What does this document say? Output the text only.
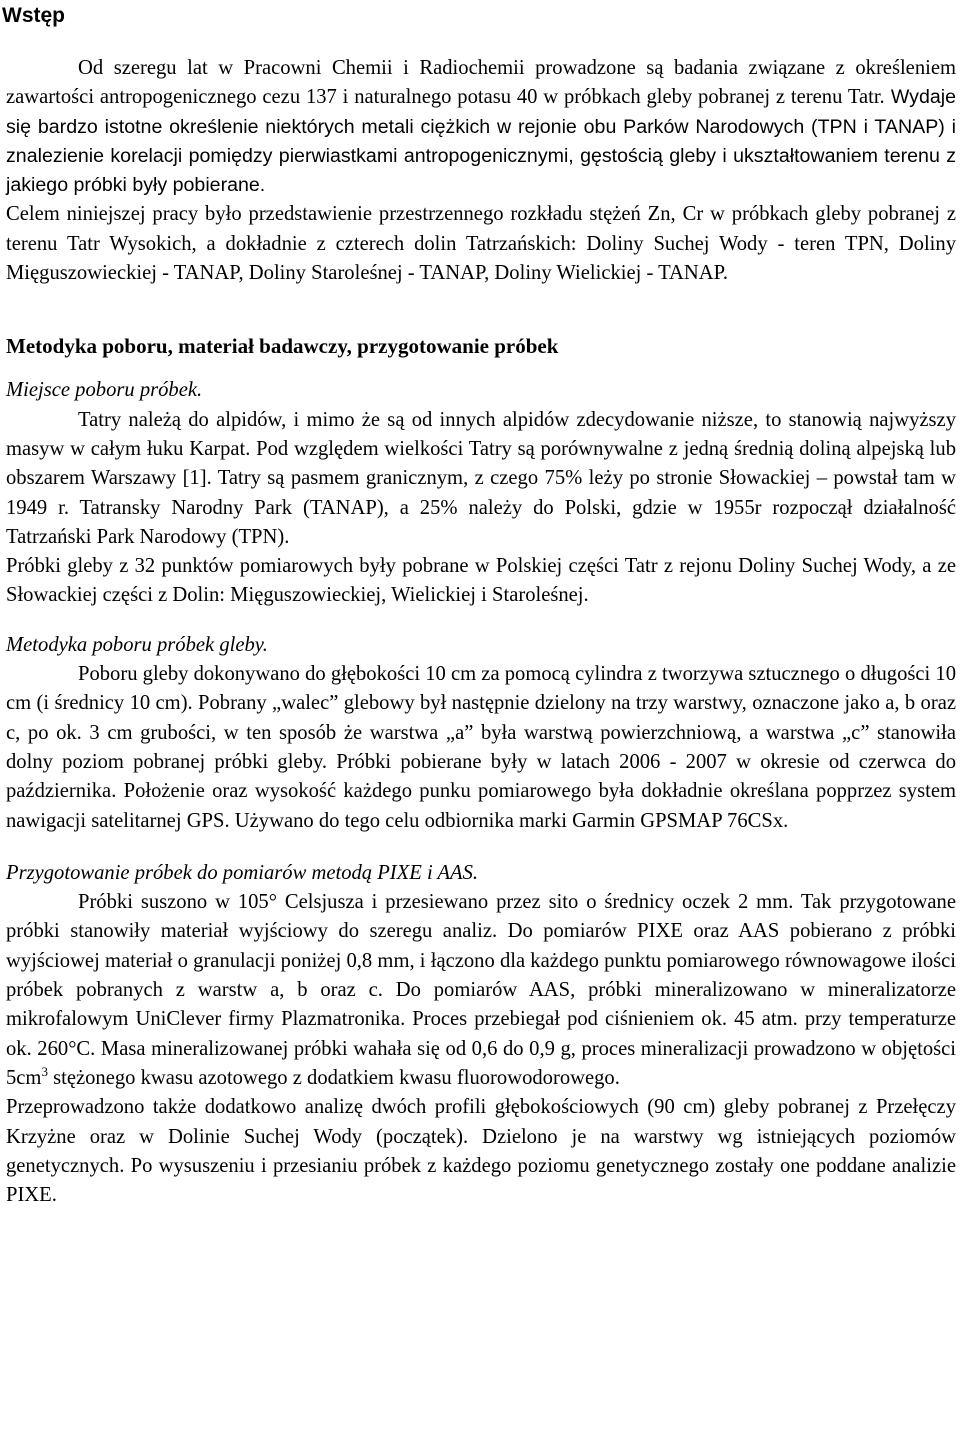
Wstęp

Od szeregu lat w Pracowni Chemii i Radiochemii prowadzone są badania związane z określeniem zawartości antropogenicznego cezu 137 i naturalnego potasu 40 w próbkach gleby pobranej z terenu Tatr. Wydaje się bardzo istotne określenie niektórych metali ciężkich w rejonie obu Parków Narodowych (TPN i TANAP) i znalezienie korelacji pomiędzy pierwiastkami antropogenicznymi, gęstością gleby i ukształtowaniem terenu z jakiego próbki były pobierane.

Celem niniejszej pracy było przedstawienie przestrzennego rozkładu stężeń Zn, Cr w próbkach gleby pobranej z terenu Tatr Wysokich, a dokładnie z czterech dolin Tatrzańskich: Doliny Suchej Wody - teren TPN, Doliny Mięguszowieckiej - TANAP, Doliny Staroleśnej - TANAP, Doliny Wielickiej - TANAP.

Metodyka poboru, materiał badawczy, przygotowanie próbek
Miejsce poboru próbek.

Tatry należą do alpidów, i mimo że są od innych alpidów zdecydowanie niższe, to stanowią najwyższy masyw w całym łuku Karpat. Pod względem wielkości Tatry są porównywalne z jedną średnią doliną alpejską lub obszarem Warszawy [1]. Tatry są pasmem granicznym, z czego 75% leży po stronie Słowackiej – powstał tam w 1949 r. Tatransky Narodny Park (TANAP), a 25% należy do Polski, gdzie w 1955r rozpoczął działalność Tatrzański Park Narodowy (TPN).

Próbki gleby z 32 punktów pomiarowych były pobrane w Polskiej części Tatr z rejonu Doliny Suchej Wody, a ze Słowackiej części z Dolin: Mięguszowieckiej, Wielickiej i Staroleśnej.

Metodyka poboru próbek gleby.

Poboru gleby dokonywano do głębokości 10 cm za pomocą cylindra z tworzywa sztucznego o długości 10 cm (i średnicy 10 cm). Pobrany „walec” glebowy był następnie dzielony na trzy warstwy, oznaczone jako a, b oraz c, po ok. 3 cm grubości, w ten sposób że warstwa „a” była warstwą powierzchniową, a warstwa „c” stanowiła dolny poziom pobranej próbki gleby. Próbki pobierane były w latach 2006 - 2007 w okresie od czerwca do października. Położenie oraz wysokość każdego punku pomiarowego była dokładnie określana popprzez system nawigacji satelitarnej GPS. Używano do tego celu odbiornika marki Garmin GPSMAP 76CSx.

Przygotowanie próbek do pomiarów metodą PIXE i AAS.

Próbki suszono w 105° Celsjusza i przesiewano przez sito o średnicy oczek 2 mm. Tak przygotowane próbki stanowiły materiał wyjściowy do szeregu analiz. Do pomiarów PIXE oraz AAS pobierano z próbki wyjściowej materiał o granulacji poniżej 0,8 mm, i łączono dla każdego punktu pomiarowego równowagowe ilości próbek pobranych z warstw a, b oraz c. Do pomiarów AAS, próbki mineralizowano w mineralizatorze mikrofalowym UniClever firmy Plazmatronika. Proces przebiegał pod ciśnieniem ok. 45 atm. przy temperaturze ok. 260°C. Masa mineralizowanej próbki wahała się od 0,6 do 0,9 g, proces mineralizacji prowadzono w objętości $5cm^3$ stężonego kwasu azotowego z dodatkiem kwasu fluorowodorowego.

Przeprowadzono także dodatkowo analizę dwóch profili głębokościowych (90 cm) gleby pobranej z Przełęczy Krzyżne oraz w Dolinie Suchej Wody (początek). Dzielono je na warstwy wg istniejących poziomów genetycznych. Po wysuszeniu i przesianiu próbek z każdego poziomu genetycznego zostały one poddane analizie PIXE.
